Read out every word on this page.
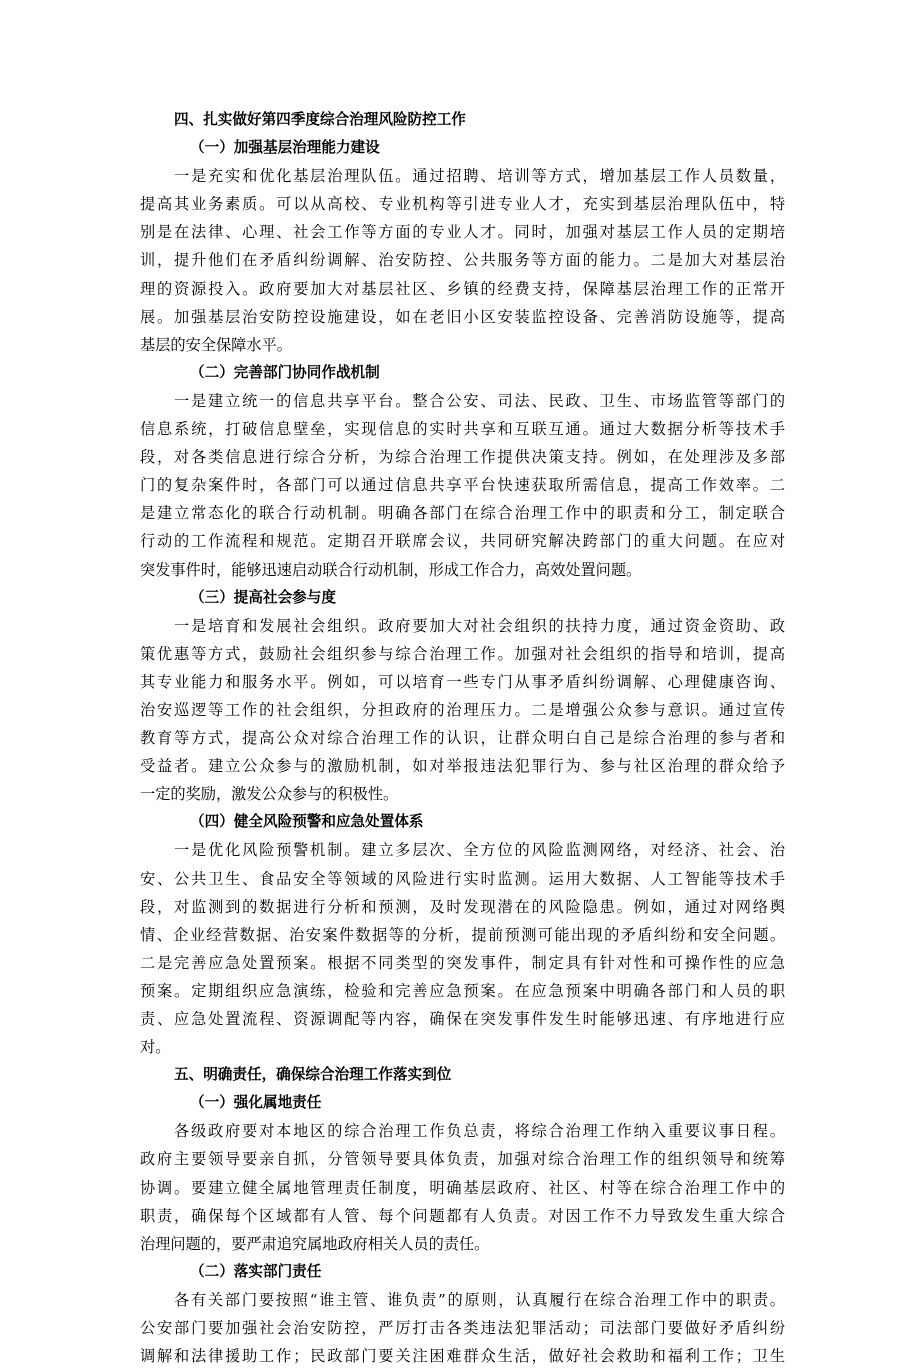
四、扎实做好第四季度综合治理风险防控工作
（一）加强基层治理能力建设
一是充实和优化基层治理队伍。通过招聘、培训等方式，增加基层工作人员数量，
提高其业务素质。可以从高校、专业机构等引进专业人才，充实到基层治理队伍中，特
别是在法律、心理、社会工作等方面的专业人才。同时，加强对基层工作人员的定期培
训，提升他们在矛盾纠纷调解、治安防控、公共服务等方面的能力。二是加大对基层治
理的资源投入。政府要加大对基层社区、乡镇的经费支持，保障基层治理工作的正常开
展。加强基层治安防控设施建设，如在老旧小区安装监控设备、完善消防设施等，提高
基层的安全保障水平。
（二）完善部门协同作战机制
一是建立统一的信息共享平台。整合公安、司法、民政、卫生、市场监管等部门的
信息系统，打破信息壁垒，实现信息的实时共享和互联互通。通过大数据分析等技术手
段，对各类信息进行综合分析，为综合治理工作提供决策支持。例如，在处理涉及多部
门的复杂案件时，各部门可以通过信息共享平台快速获取所需信息，提高工作效率。二
是建立常态化的联合行动机制。明确各部门在综合治理工作中的职责和分工，制定联合
行动的工作流程和规范。定期召开联席会议，共同研究解决跨部门的重大问题。在应对
突发事件时，能够迅速启动联合行动机制，形成工作合力，高效处置问题。
（三）提高社会参与度
一是培育和发展社会组织。政府要加大对社会组织的扶持力度，通过资金资助、政
策优惠等方式，鼓励社会组织参与综合治理工作。加强对社会组织的指导和培训，提高
其专业能力和服务水平。例如，可以培育一些专门从事矛盾纠纷调解、心理健康咨询、
治安巡逻等工作的社会组织，分担政府的治理压力。二是增强公众参与意识。通过宣传
教育等方式，提高公众对综合治理工作的认识，让群众明白自己是综合治理的参与者和
受益者。建立公众参与的激励机制，如对举报违法犯罪行为、参与社区治理的群众给予
一定的奖励，激发公众参与的积极性。
（四）健全风险预警和应急处置体系
一是优化风险预警机制。建立多层次、全方位的风险监测网络，对经济、社会、治
安、公共卫生、食品安全等领域的风险进行实时监测。运用大数据、人工智能等技术手
段，对监测到的数据进行分析和预测，及时发现潜在的风险隐患。例如，通过对网络舆
情、企业经营数据、治安案件数据等的分析，提前预测可能出现的矛盾纠纷和安全问题。
二是完善应急处置预案。根据不同类型的突发事件，制定具有针对性和可操作性的应急
预案。定期组织应急演练，检验和完善应急预案。在应急预案中明确各部门和人员的职
责、应急处置流程、资源调配等内容，确保在突发事件发生时能够迅速、有序地进行应
对。
五、明确责任，确保综合治理工作落实到位
（一）强化属地责任
各级政府要对本地区的综合治理工作负总责，将综合治理工作纳入重要议事日程。
政府主要领导要亲自抓，分管领导要具体负责，加强对综合治理工作的组织领导和统筹
协调。要建立健全属地管理责任制度，明确基层政府、社区、村等在综合治理工作中的
职责，确保每个区域都有人管、每个问题都有人负责。对因工作不力导致发生重大综合
治理问题的，要严肃追究属地政府相关人员的责任。
（二）落实部门责任
各有关部门要按照“谁主管、谁负责”的原则，认真履行在综合治理工作中的职责。
公安部门要加强社会治安防控，严厉打击各类违法犯罪活动；司法部门要做好矛盾纠纷
调解和法律援助工作；民政部门要关注困难群众生活，做好社会救助和福利工作；卫生
